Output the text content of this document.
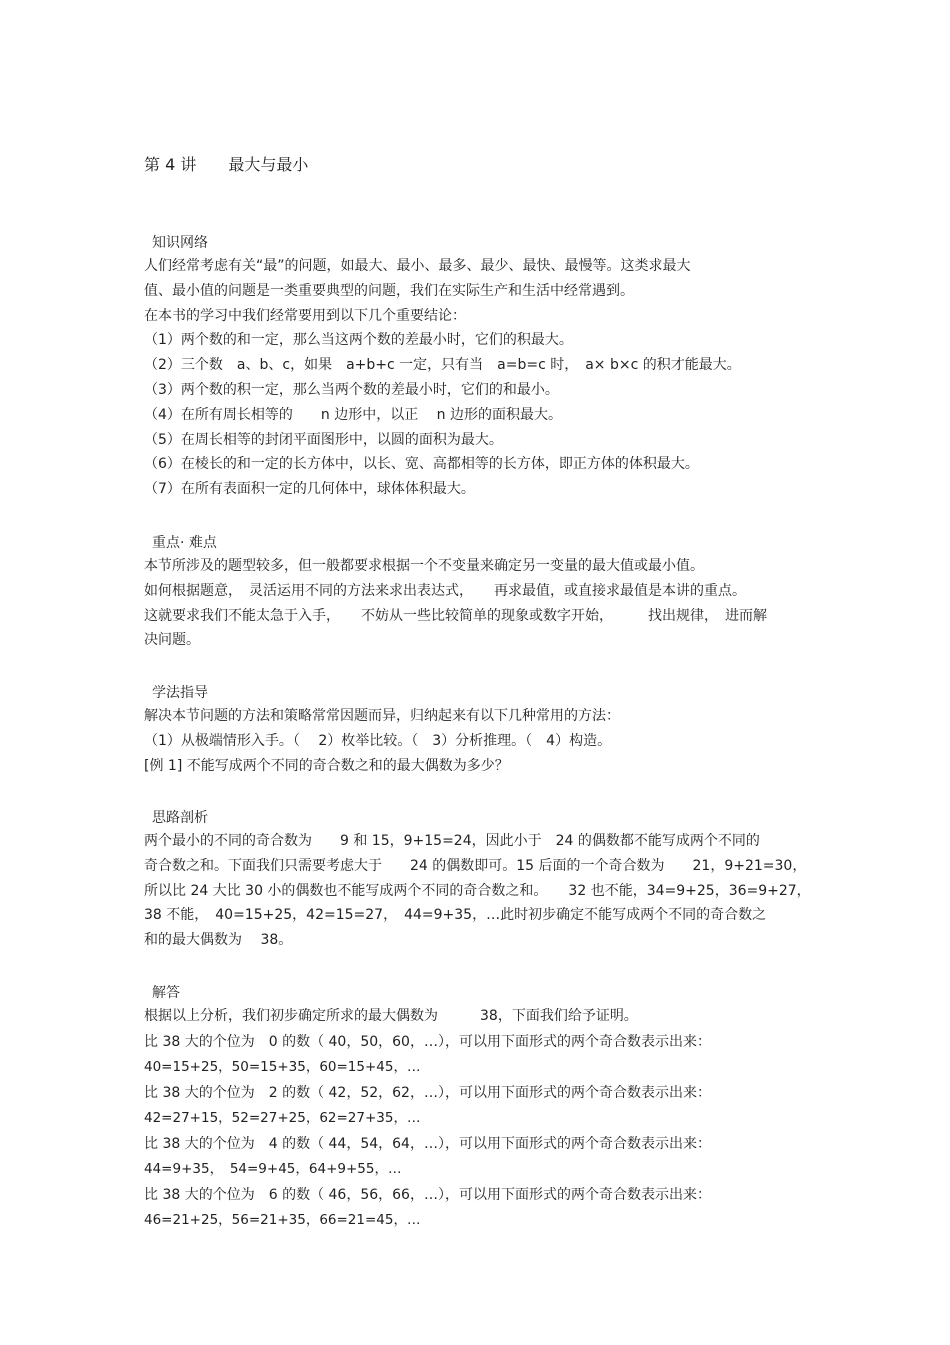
第 4 讲　　最大与最小
知识网络
人们经常考虑有关“最”的问题，如最大、最小、最多、最少、最快、最慢等。这类求最大
值、最小值的问题是一类重要典型的问题，我们在实际生产和生活中经常遇到。
在本书的学习中我们经常要用到以下几个重要结论：
（1）两个数的和一定，那么当这两个数的差最小时，它们的积最大。
（2）三个数　a、b、c，如果　a+b+c 一定，只有当　a=b=c 时，　a× b×c 的积才能最大。
（3）两个数的积一定，那么当两个数的差最小时，它们的和最小。
（4）在所有周长相等的　　n 边形中，以正　 n 边形的面积最大。
（5）在周长相等的封闭平面图形中，以圆的面积为最大。
（6）在棱长的和一定的长方体中，以长、宽、高都相等的长方体，即正方体的体积最大。
（7）在所有表面积一定的几何体中，球体体积最大。
重点· 难点
本节所涉及的题型较多，但一般都要求根据一个不变量来确定另一变量的最大值或最小值。
如何根据题意，　灵活运用不同的方法来求出表达式，　　再求最值，或直接求最值是本讲的重点。
这就要求我们不能太急于入手，　　不妨从一些比较简单的现象或数字开始，　　　找出规律，　进而解
决问题。
学法指导
解决本节问题的方法和策略常常因题而异，归纳起来有以下几种常用的方法：
（1）从极端情形入手。（　 2）枚举比较。（　3）分析推理。（　4）构造。
[例 1] 不能写成两个不同的奇合数之和的最大偶数为多少？
思路剖析
两个最小的不同的奇合数为　　9 和 15，9+15=24，因此小于　24 的偶数都不能写成两个不同的
奇合数之和。下面我们只需要考虑大于　　24 的偶数即可。15 后面的一个奇合数为　　21，9+21=30，
所以比 24 大比 30 小的偶数也不能写成两个不同的奇合数之和。　　32 也不能，34=9+25，36=9+27，
38 不能，　40=15+25，42=15=27，　44=9+35，…此时初步确定不能写成两个不同的奇合数之
和的最大偶数为　 38。
解答
根据以上分析，我们初步确定所求的最大偶数为　　　38，下面我们给予证明。
比 38 大的个位为　0 的数（ 40，50，60，…），可以用下面形式的两个奇合数表示出来：
40=15+25，50=15+35，60=15+45，…
比 38 大的个位为　2 的数（ 42，52，62，…），可以用下面形式的两个奇合数表示出来：
42=27+15，52=27+25，62=27+35，…
比 38 大的个位为　4 的数（ 44，54，64，…），可以用下面形式的两个奇合数表示出来：
44=9+35，　54=9+45，64+9+55，…
比 38 大的个位为　6 的数（ 46，56，66，…），可以用下面形式的两个奇合数表示出来：
46=21+25，56=21+35，66=21=45，…
